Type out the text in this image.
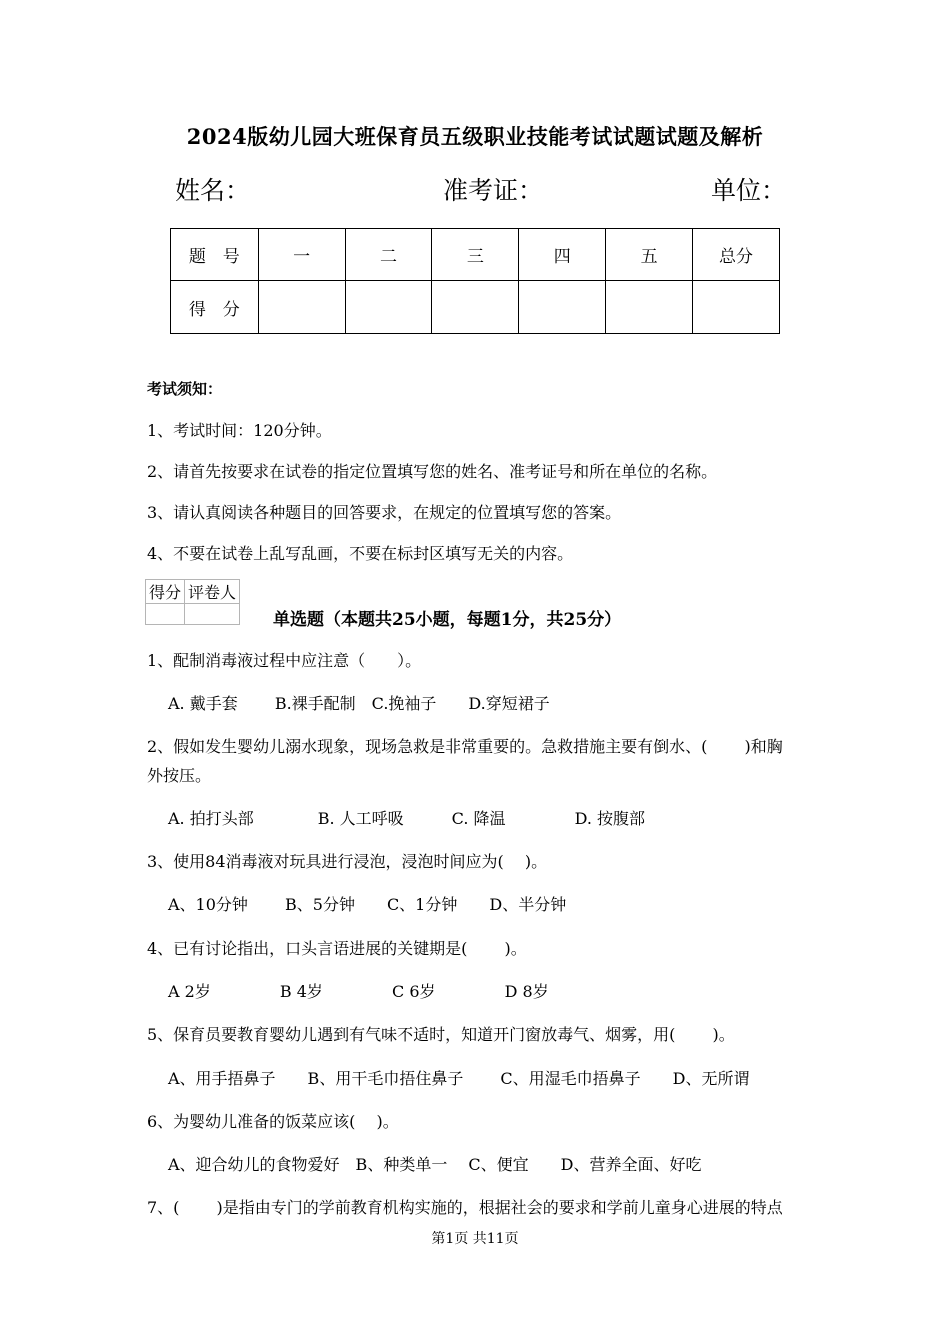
2024版幼儿园大班保育员五级职业技能考试试题试题及解析
姓名：	准考证：	单位：
题　号	一	二	三	四	五	总分
得　分						
考试须知：
1、考试时间：120分钟。
2、请首先按要求在试卷的指定位置填写您的姓名、准考证号和所在单位的名称。
3、请认真阅读各种题目的回答要求，在规定的位置填写您的答案。
4、不要在试卷上乱写乱画，不要在标封区填写无关的内容。
得分	评卷人

单选题（本题共25小题，每题1分，共25分）
1、配制消毒液过程中应注意（　　）。
A. 戴手套　　 B.裸手配制　C.挽袖子　　D.穿短裙子
2、假如发生婴幼儿溺水现象，现场急救是非常重要的。急救措施主要有倒水、(　　 )和胸
外按压。
A. 拍打头部　　　　B. 人工呼吸　　　C. 降温　　　　 D. 按腹部
3、使用84消毒液对玩具进行浸泡，浸泡时间应为(　 )。
A、10分钟　　 B、5分钟　　C、1分钟　　D、半分钟
4、已有讨论指出，口头言语进展的关键期是(　　 )。
A 2岁　　　　 B 4岁　　　　 C 6岁　　　　 D 8岁
5、保育员要教育婴幼儿遇到有气味不适时，知道开门窗放毒气、烟雾，用(　　 )。
A、用手捂鼻子　　B、用干毛巾捂住鼻子　　 C、用湿毛巾捂鼻子　　D、无所谓
6、为婴幼儿准备的饭菜应该(　 )。
A、迎合幼儿的食物爱好　B、种类单一　 C、便宜　　D、营养全面、好吃
7、(　　 )是指由专门的学前教育机构实施的，根据社会的要求和学前儿童身心进展的特点
第1页 共11页
